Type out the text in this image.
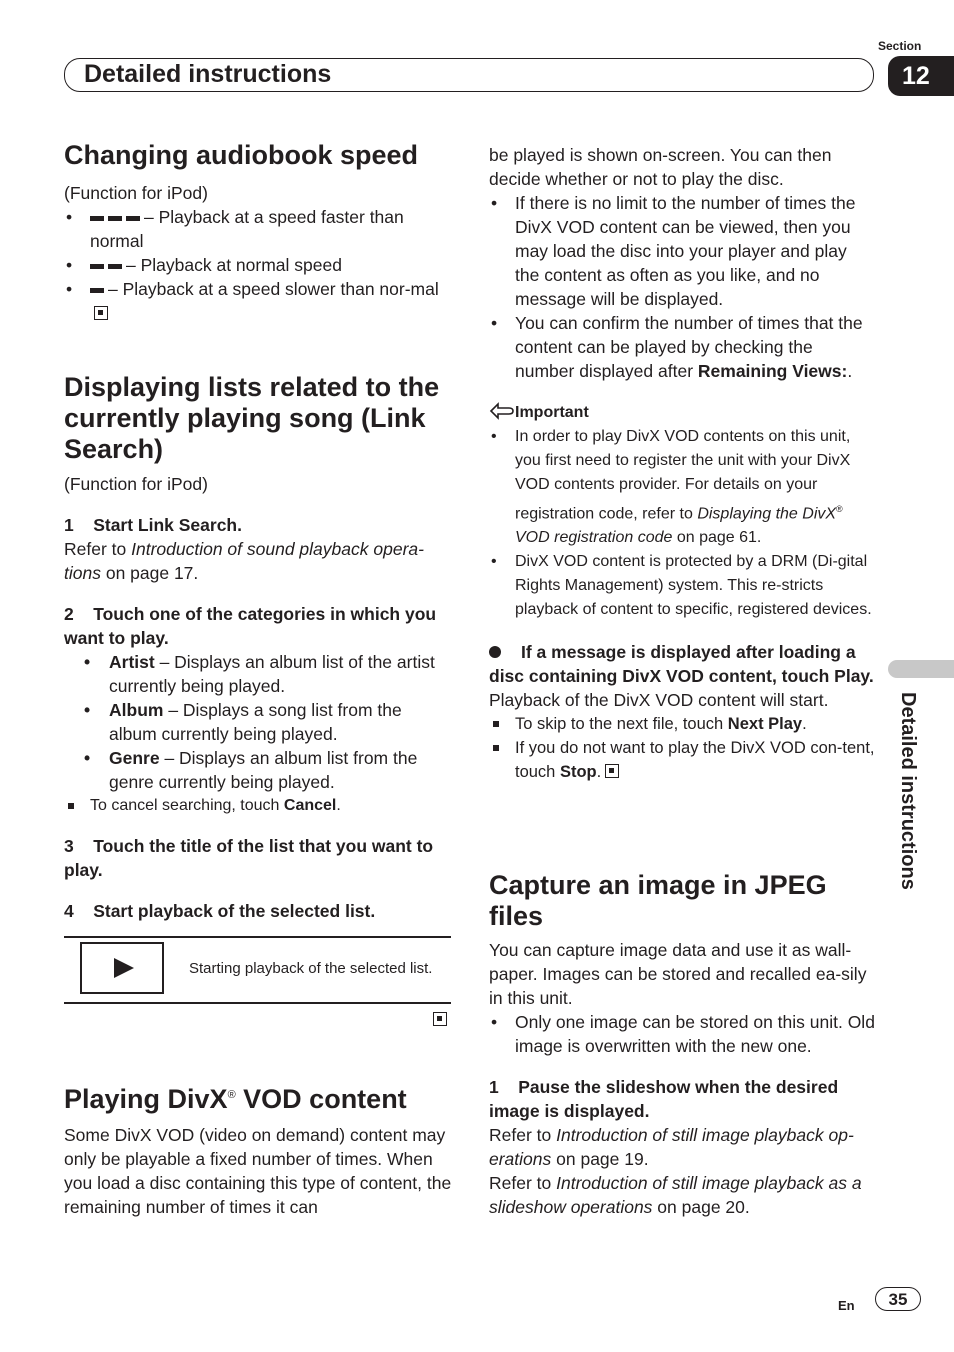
Section
Detailed instructions	12
Detailed instructions
Changing audiobook speed

(Function for iPod)

• – Playback at a speed faster than normal
• – Playback at normal speed
• – Playback at a speed slower than nor-mal
Displaying lists related to the currently playing song (Link Search)

(Function for iPod)

1 Start Link Search.

Refer to Introduction of sound playback opera-tions on page 17.

2 Touch one of the categories in which you want to play.

• Artist – Displays an album list of the artist currently being played.
• Album – Displays a song list from the album currently being played.
• Genre – Displays an album list from the genre currently being played.
To cancel searching, touch Cancel.

3 Touch the title of the list that you want to play.

4 Start playback of the selected list.

Starting playback of the selected list.
Playing DivX® VOD content

Some DivX VOD (video on demand) content may only be playable a fixed number of times. When you load a disc containing this type of content, the remaining number of times it can

be played is shown on-screen. You can then decide whether or not to play the disc.

• If there is no limit to the number of times the DivX VOD content can be viewed, then you may load the disc into your player and play the content as often as you like, and no message will be displayed.
• You can confirm the number of times that the content can be played by checking the number displayed after Remaining Views:.

Important

• In order to play DivX VOD contents on this unit, you first need to register the unit with your DivX VOD contents provider. For details on your registration code, refer to Displaying the DivX® VOD registration code on page 61.
• DivX VOD content is protected by a DRM (Di-gital Rights Management) system. This re-stricts playback of content to specific, registered devices.

If a message is displayed after loading a disc containing DivX VOD content, touch Play.

Playback of the DivX VOD content will start.

To skip to the next file, touch Next Play.
If you do not want to play the DivX VOD con-tent, touch Stop.
Capture an image in JPEG files

You can capture image data and use it as wall-paper. Images can be stored and recalled ea-sily in this unit.

• Only one image can be stored on this unit. Old image is overwritten with the new one.

1 Pause the slideshow when the desired image is displayed.

Refer to Introduction of still image playback op-erations on page 19.

Refer to Introduction of still image playback as a slideshow operations on page 20.

En	35
